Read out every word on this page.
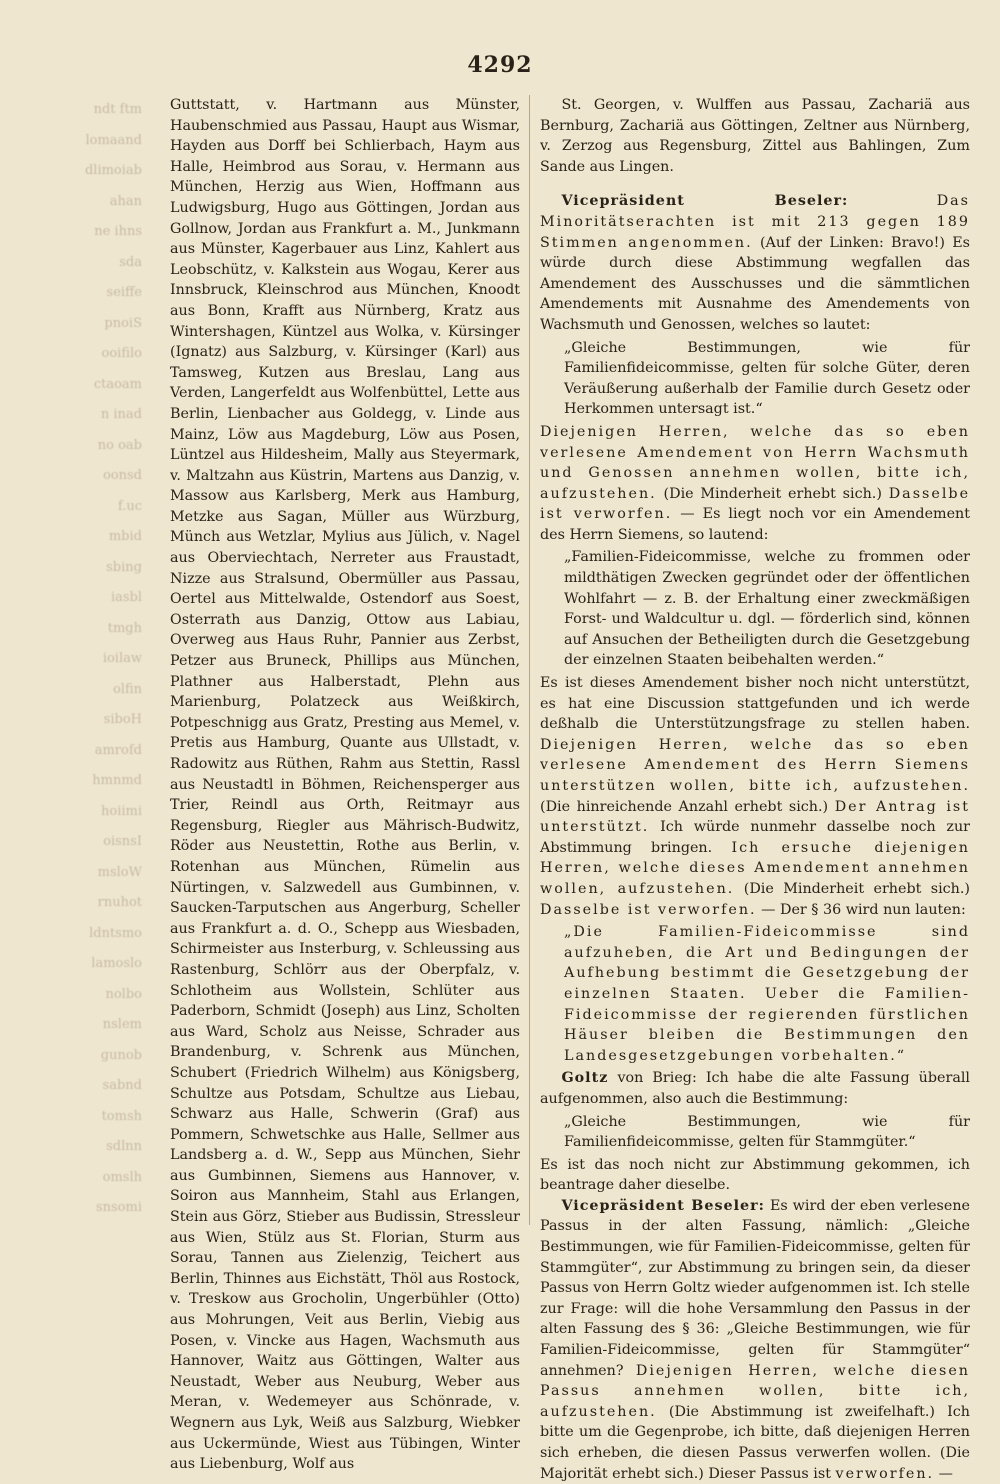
4292
ndt ftm
lomaand
dlimoiab
ahan
ne ihns
sda
seiffe
pnoiS
ooifilo
ctaoam
n inad
no oab
oonsd
f.uc
mbid
sbing
iasbl
tmgh
ioilaw
olfin
siboH
amrofd
hmnmd
hoiimi
oisnsI
msloW
rnuhot
ldntsmo
lamoslo
nolbo
nslem
gunob
sabnd
tomsh
sdlnn
omslh
snsomi

Guttstatt, v. Hartmann aus Münster, Haubenschmied aus Passau, Haupt aus Wismar, Hayden aus Dorff bei Schlierbach, Haym aus Halle, Heimbrod aus Sorau, v. Hermann aus München, Herzig aus Wien, Hoffmann aus Ludwigsburg, Hugo aus Göttingen, Jordan aus Gollnow, Jordan aus Frankfurt a. M., Junkmann aus Münster, Kagerbauer aus Linz, Kahlert aus Leobschütz, v. Kalkstein aus Wogau, Kerer aus Innsbruck, Kleinschrod aus München, Knoodt aus Bonn, Krafft aus Nürnberg, Kratz aus Wintershagen, Küntzel aus Wolka, v. Kürsinger (Ignatz) aus Salzburg, v. Kürsinger (Karl) aus Tamsweg, Kutzen aus Breslau, Lang aus Verden, Langerfeldt aus Wolfenbüttel, Lette aus Berlin, Lienbacher aus Goldegg, v. Linde aus Mainz, Löw aus Magdeburg, Löw aus Posen, Lüntzel aus Hildesheim, Mally aus Steyermark, v. Maltzahn aus Küstrin, Martens aus Danzig, v. Massow aus Karlsberg, Merk aus Hamburg, Metzke aus Sagan, Müller aus Würzburg, Münch aus Wetzlar, Mylius aus Jülich, v. Nagel aus Oberviechtach, Nerreter aus Fraustadt, Nizze aus Stralsund, Obermüller aus Passau, Oertel aus Mittelwalde, Ostendorf aus Soest, Osterrath aus Danzig, Ottow aus Labiau, Overweg aus Haus Ruhr, Pannier aus Zerbst, Petzer aus Bruneck, Phillips aus München, Plathner aus Halberstadt, Plehn aus Marienburg, Polatzeck aus Weißkirch, Potpeschnigg aus Gratz, Presting aus Memel, v. Pretis aus Hamburg, Quante aus Ullstadt, v. Radowitz aus Rüthen, Rahm aus Stettin, Rassl aus Neustadtl in Böhmen, Reichensperger aus Trier, Reindl aus Orth, Reitmayr aus Regensburg, Riegler aus Mährisch-Budwitz, Röder aus Neustettin, Rothe aus Berlin, v. Rotenhan aus München, Rümelin aus Nürtingen, v. Salzwedell aus Gumbinnen, v. Saucken-Tarputschen aus Angerburg, Scheller aus Frankfurt a. d. O., Schepp aus Wiesbaden, Schirmeister aus Insterburg, v. Schleussing aus Rastenburg, Schlörr aus der Oberpfalz, v. Schlotheim aus Wollstein, Schlüter aus Paderborn, Schmidt (Joseph) aus Linz, Scholten aus Ward, Scholz aus Neisse, Schrader aus Brandenburg, v. Schrenk aus München, Schubert (Friedrich Wilhelm) aus Königsberg, Schultze aus Potsdam, Schultze aus Liebau, Schwarz aus Halle, Schwerin (Graf) aus Pommern, Schwetschke aus Halle, Sellmer aus Landsberg a. d. W., Sepp aus München, Siehr aus Gumbinnen, Siemens aus Hannover, v. Soiron aus Mannheim, Stahl aus Erlangen, Stein aus Görz, Stieber aus Budissin, Stressleur aus Wien, Stülz aus St. Florian, Sturm aus Sorau, Tannen aus Zielenzig, Teichert aus Berlin, Thinnes aus Eichstätt, Thöl aus Rostock, v. Treskow aus Grocholin, Ungerbühler (Otto) aus Mohrungen, Veit aus Berlin, Viebig aus Posen, v. Vincke aus Hagen, Wachsmuth aus Hannover, Waitz aus Göttingen, Walter aus Neustadt, Weber aus Neuburg, Weber aus Meran, v. Wedemeyer aus Schönrade, v. Wegnern aus Lyk, Weiß aus Salzburg, Wiebker aus Uckermünde, Wiest aus Tübingen, Winter aus Liebenburg, Wolf aus

St. Georgen, v. Wulffen aus Passau, Zachariä aus Bernburg, Zachariä aus Göttingen, Zeltner aus Nürnberg, v. Zerzog aus Regensburg, Zittel aus Bahlingen, Zum Sande aus Lingen.

Vicepräsident Beseler:	Das Minoritätserachten ist mit 213 gegen 189 Stimmen angenommen. (Auf der Linken: Bravo!) Es würde durch diese Abstimmung wegfallen das Amendement des Ausschusses und die sämmtlichen Amendements mit Ausnahme des Amendements von Wachsmuth und Genossen, welches so lautet:

„Gleiche Bestimmungen, wie für Familienfideicommisse, gelten für solche Güter, deren Veräußerung außerhalb der Familie durch Gesetz oder Herkommen untersagt ist.“

Diejenigen Herren, welche das so eben verlesene Amendement von Herrn Wachsmuth und Genossen annehmen wollen, bitte ich, aufzustehen. (Die Minderheit erhebt sich.) Dasselbe ist verworfen. — Es liegt noch vor ein Amendement des Herrn Siemens, so lautend:

„Familien-Fideicommisse, welche zu frommen oder mildthätigen Zwecken gegründet oder der öffentlichen Wohlfahrt — z. B. der Erhaltung einer zweckmäßigen Forst- und Waldcultur u. dgl. — förderlich sind, können auf Ansuchen der Betheiligten durch die Gesetzgebung der einzelnen Staaten beibehalten werden.“

Es ist dieses Amendement bisher noch nicht unterstützt, es hat eine Discussion stattgefunden und ich werde deßhalb die Unterstützungsfrage zu stellen haben. Diejenigen Herren, welche das so eben verlesene Amendement des Herrn Siemens unterstützen wollen, bitte ich, aufzustehen. (Die hinreichende Anzahl erhebt sich.) Der Antrag ist unterstützt. Ich würde nunmehr dasselbe noch zur Abstimmung bringen. Ich ersuche diejenigen Herren, welche dieses Amendement annehmen wollen, aufzustehen. (Die Minderheit erhebt sich.) Dasselbe ist verworfen. — Der § 36 wird nun lauten:

„Die Familien-Fideicommisse sind aufzuheben, die Art und Bedingungen der Aufhebung bestimmt die Gesetzgebung der einzelnen Staaten. Ueber die Familien-Fideicommisse der regierenden fürstlichen Häuser bleiben die Bestimmungen den Landesgesetzgebungen vorbehalten.“

Goltz von Brieg: Ich habe die alte Fassung überall aufgenommen, also auch die Bestimmung:

„Gleiche Bestimmungen, wie für Familienfideicommisse, gelten für Stammgüter.“

Es ist das noch nicht zur Abstimmung gekommen, ich beantrage daher dieselbe.

Vicepräsident Beseler: Es wird der eben verlesene Passus in der alten Fassung, nämlich: „Gleiche Bestimmungen, wie für Familien-Fideicommisse, gelten für Stammgüter“, zur Abstimmung zu bringen sein, da dieser Passus von Herrn Goltz wieder aufgenommen ist. Ich stelle zur Frage: will die hohe Versammlung den Passus in der alten Fassung des § 36: „Gleiche Bestimmungen, wie für Familien-Fideicommisse, gelten für Stammgüter“ annehmen? Diejenigen Herren, welche diesen Passus annehmen wollen, bitte ich, aufzustehen. (Die Abstimmung ist zweifelhaft.) Ich bitte um die Gegenprobe, ich bitte, daß diejenigen Herren sich erheben, die diesen Passus verwerfen wollen. (Die Majorität erhebt sich.) Dieser Passus ist verworfen. —
